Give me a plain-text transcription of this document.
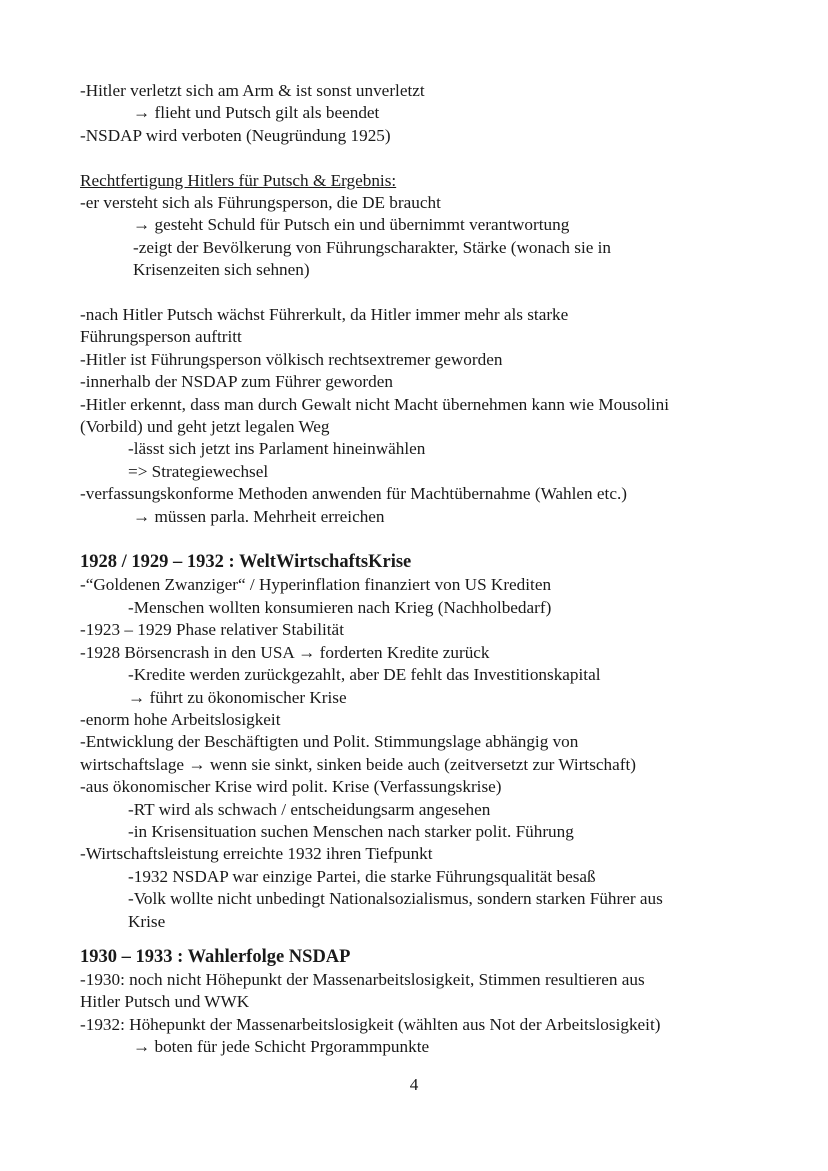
-Hitler verletzt sich am Arm & ist sonst unverletzt
→ flieht und Putsch gilt als beendet
-NSDAP wird verboten (Neugründung 1925)
Rechtfertigung Hitlers für Putsch & Ergebnis:
-er versteht sich als Führungsperson, die DE braucht
→ gesteht Schuld für Putsch ein und übernimmt verantwortung
-zeigt der Bevölkerung von Führungscharakter, Stärke (wonach sie in
Krisenzeiten sich sehnen)
-nach Hitler Putsch wächst Führerkult, da Hitler immer mehr als starke
Führungsperson auftritt
-Hitler ist Führungsperson völkisch rechtsextremer geworden
-innerhalb der NSDAP zum Führer geworden
-Hitler erkennt, dass man durch Gewalt nicht Macht übernehmen kann wie Mousolini
(Vorbild) und geht jetzt legalen Weg
-lässt sich jetzt ins Parlament hineinwählen
=> Strategiewechsel
-verfassungskonforme Methoden anwenden für Machtübernahme (Wahlen etc.)
→ müssen parla. Mehrheit erreichen
1928 / 1929 – 1932 : WeltWirtschaftsKrise
-“Goldenen Zwanziger“ / Hyperinflation finanziert von US Krediten
-Menschen wollten konsumieren nach Krieg (Nachholbedarf)
-1923 – 1929 Phase relativer Stabilität
-1928 Börsencrash in den USA → forderten Kredite zurück
-Kredite werden zurückgezahlt, aber DE fehlt das Investitionskapital
→ führt zu ökonomischer Krise
-enorm hohe Arbeitslosigkeit
-Entwicklung der Beschäftigten und Polit. Stimmungslage abhängig von
wirtschaftslage → wenn sie sinkt, sinken beide auch (zeitversetzt zur Wirtschaft)
-aus ökonomischer Krise wird polit. Krise (Verfassungskrise)
-RT wird als schwach / entscheidungsarm angesehen
-in Krisensituation suchen Menschen nach starker polit. Führung
-Wirtschaftsleistung erreichte 1932 ihren Tiefpunkt
-1932 NSDAP war einzige Partei, die starke Führungsqualität besaß
-Volk wollte nicht unbedingt Nationalsozialismus, sondern starken Führer aus
Krise
1930 – 1933 : Wahlerfolge NSDAP
-1930: noch nicht Höhepunkt der Massenarbeitslosigkeit, Stimmen resultieren aus
Hitler Putsch und WWK
-1932: Höhepunkt der Massenarbeitslosigkeit (wählten aus Not der Arbeitslosigkeit)
→ boten für jede Schicht Prgorammpunkte
4
